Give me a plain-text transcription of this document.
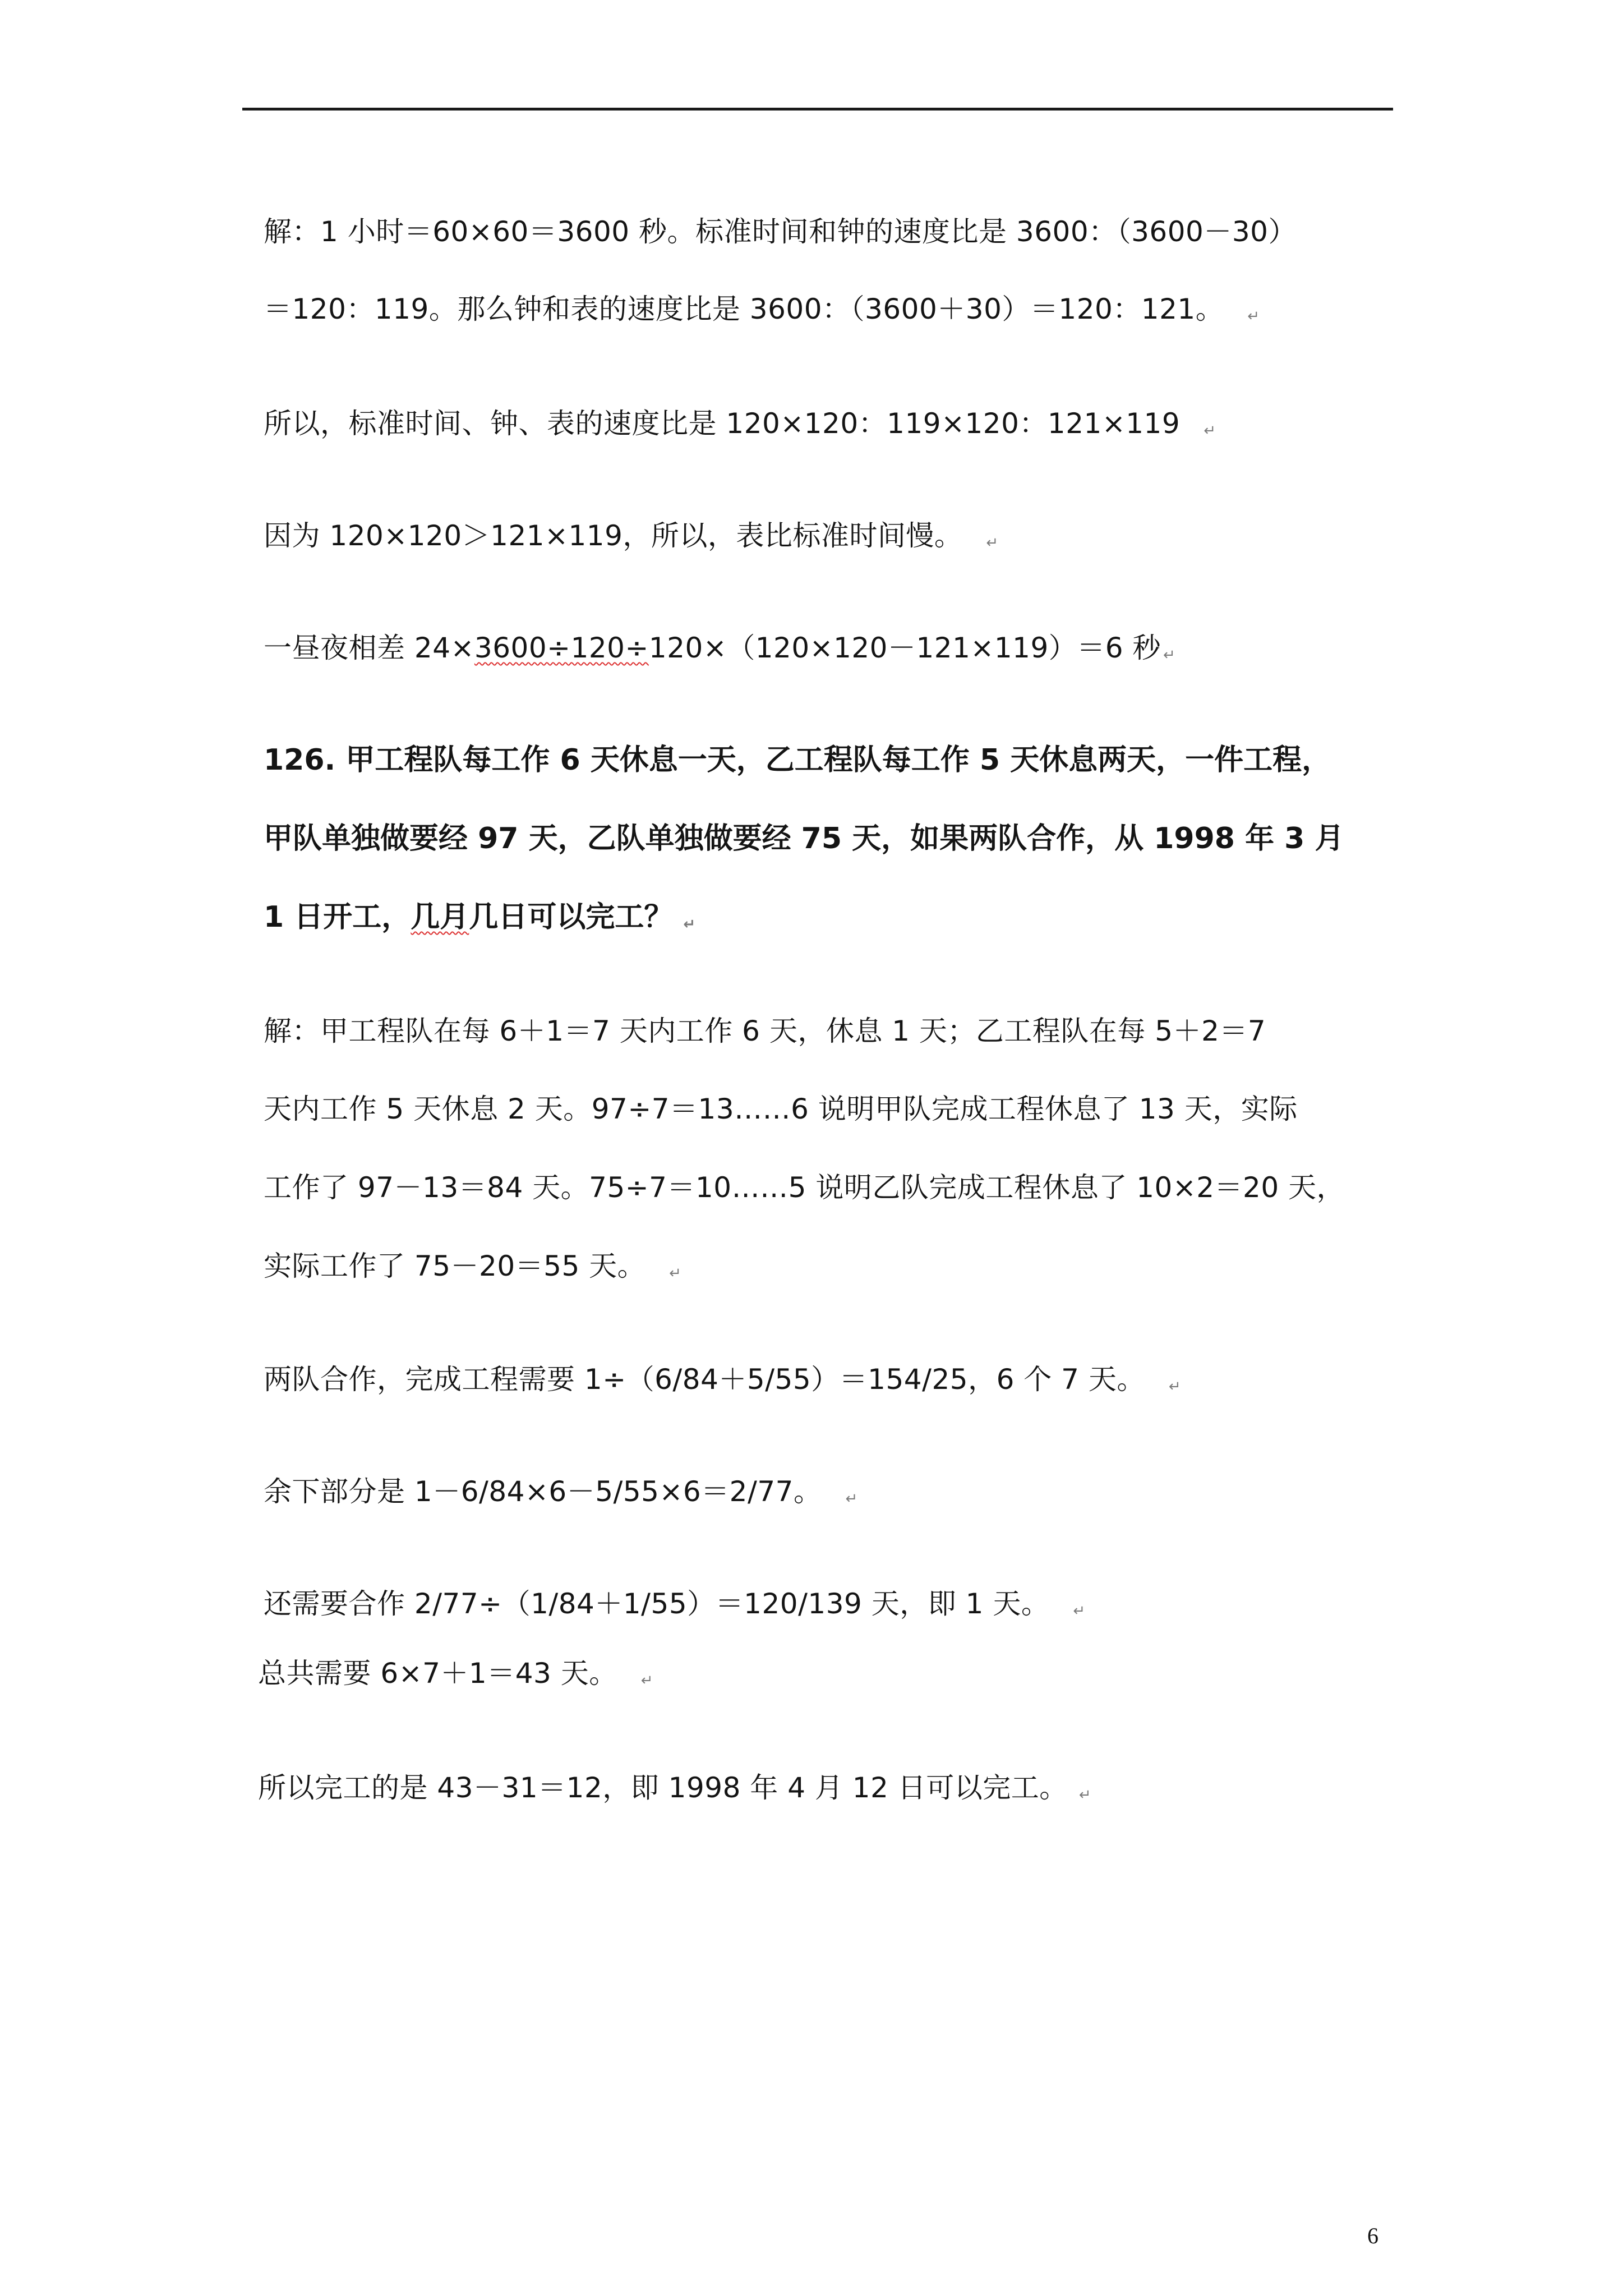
解：1 小时＝60×60＝3600 秒。标准时间和钟的速度比是 3600：（3600－30）
＝120：119。那么钟和表的速度比是 3600：（3600＋30）＝120：121。 ↵
所以，标准时间、钟、表的速度比是 120×120：119×120：121×119 ↵
因为 120×120＞121×119，所以，表比标准时间慢。 ↵
一昼夜相差 24×3600÷120÷120×（120×120－121×119）＝6 秒 ↵
126. 甲工程队每工作 6 天休息一天，乙工程队每工作 5 天休息两天，一件工程，
甲队单独做要经 97 天，乙队单独做要经 75 天，如果两队合作，从 1998 年 3 月
1 日开工，几月几日可以完工？ ↵
解：甲工程队在每 6＋1＝7 天内工作 6 天，休息 1 天；乙工程队在每 5＋2＝7
天内工作 5 天休息 2 天。97÷7＝13……6 说明甲队完成工程休息了 13 天，实际
工作了 97－13＝84 天。75÷7＝10……5 说明乙队完成工程休息了 10×2＝20 天，
实际工作了 75－20＝55 天。 ↵
两队合作，完成工程需要 1÷（6/84＋5/55）＝154/25，6 个 7 天。 ↵
余下部分是 1－6/84×6－5/55×6＝2/77。 ↵
还需要合作 2/77÷（1/84＋1/55）＝120/139 天，即 1 天。 ↵
总共需要 6×7＋1＝43 天。 ↵
所以完工的是 43－31＝12，即 1998 年 4 月 12 日可以完工。 ↵
6
